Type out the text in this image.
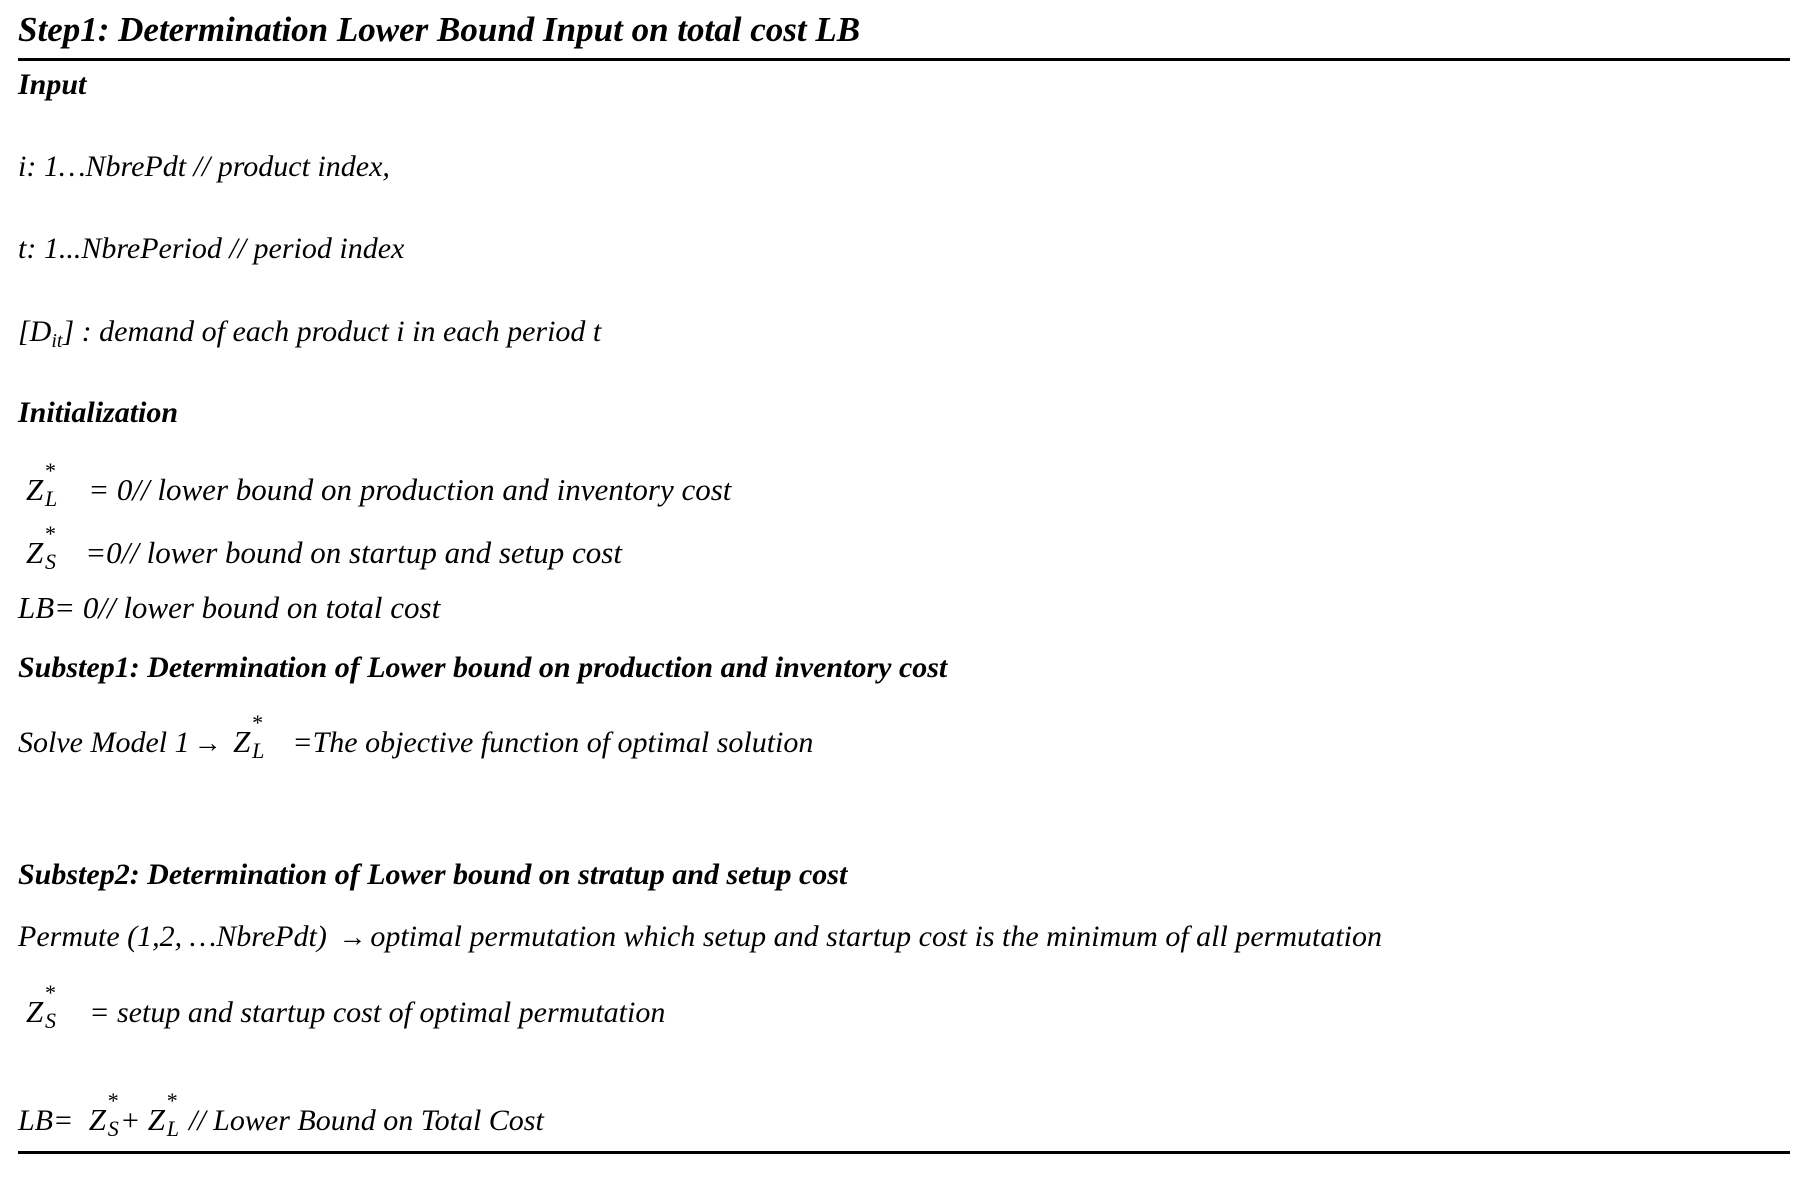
Step1: Determination Lower Bound Input on total cost LB
Input
i: 1…NbrePdt // product index,
t: 1...NbrePeriod // period index
$[D_{it}]$ : demand of each product i in each period t
Initialization
Z
*
L = 0// lower bound on production and inventory cost
Z
*
S =0// lower bound on startup and setup cost
LB= 0// lower bound on total cost
Substep1: Determination of Lower bound on production and inventory cost
Solve Model 1 → Z
*
L =The objective function of optimal solution
Substep2: Determination of Lower bound on stratup and setup cost
Permute (1,2, …NbrePdt) → optimal permutation which setup and startup cost is the minimum of all permutation
Z
*
S = setup and startup cost of optimal permutation
LB= Z
*
S + Z
*
L // Lower Bound on Total Cost
